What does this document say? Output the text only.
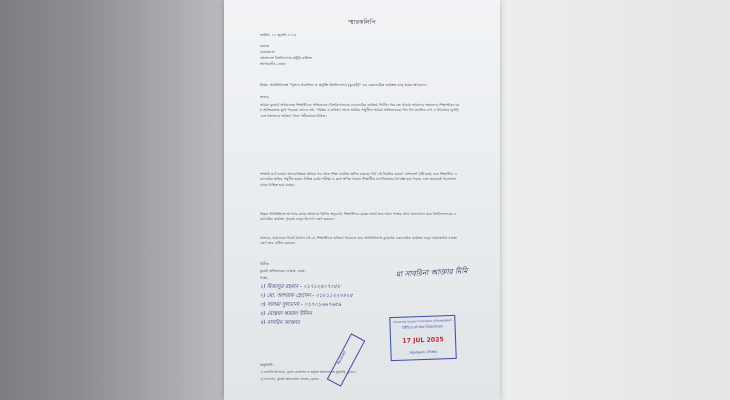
স্মারকলিপি
তারিখ: ১৭ জুলাই ২০২৫
বরাবর
চেয়ারম্যান
বাংলাদেশ বিশ্ববিদ্যালয় মঞ্জুরি কমিশন
আগারগাঁও, ঢাকা।
বিষয়: অনতিবিলম্বে "খুলনা প্রকৌশল ও প্রযুক্তি বিশ্ববিদ্যালয় (কুয়েট)" এর একাডেমিক কার্যক্রম চালু করার আবেদন।
জনাব,
আমরা কুয়েটে অধ্যয়নরত শিক্ষার্থীদের অভিভাবক। বিশ্ববিদ্যালয়ের একাডেমিক কার্যক্রম দীর্ঘদিন ধরে বন্ধ থাকায় আমাদের সন্তানদের শিক্ষাজীবন চরম অনিশ্চয়তার মুখে পড়েছে। তাদের স্বপ্ন, পরিশ্রম ও ভবিষ্যৎ আজ হুমকির সম্মুখীন। আমরা অভিভাবকরা দিন দিন মানসিক চাপ ও উৎকণ্ঠায় ভুগছি এবং সন্তানদের ভবিষ্যৎ নিয়ে গভীরভাবে চিন্তিত।
সম্প্রতি ঘটে যাওয়া অনাকাঙ্ক্ষিত ঘটনার পর থেকে শিক্ষা কার্যক্রম স্থগিত রয়েছে। দীর্ঘ এই বিরতির কারণে সেশনজট সৃষ্টি হচ্ছে এবং শিক্ষার্থীরা একাডেমিক ক্ষতির সম্মুখীন হচ্ছে। বিভিন্ন বর্ষের পরীক্ষা ও ক্লাস স্থগিত থাকায় শিক্ষার্থীরা মানসিকভাবে বিপর্যস্ত হয়ে পড়ছে এবং অনেকেই পড়াশোনা থেকে বিচ্ছিন্ন হয়ে যাচ্ছে।
উদ্ভূত পরিস্থিতিতে আপনার কাছে আমাদের বিনীত অনুরোধ, শিক্ষার্থীদের বৃহত্তর স্বার্থে দ্রুত সকল পক্ষের সাথে আলোচনা করে বিশ্ববিদ্যালয়ের একাডেমিক কার্যক্রম পুনরায় চালুর উদ্যোগ গ্রহণ করবেন।
অতএব, মহোদয়ের নিকট প্রার্থনা এই যে, শিক্ষার্থীদের ভবিষ্যৎ বিবেচনা করে অনতিবিলম্বে কুয়েটের একাডেমিক কার্যক্রম চালুর প্রয়োজনীয় ব্যবস্থা গ্রহণ করে বাধিত করবেন।
বিনীত
কুয়েট অভিভাবক ফোরাম, ঢাকা।
পক্ষে,
১) মিজানুর রহমান - ০১৭১২৪০৭০৫৮
২) মো. আশরাফ হোসেন - ০১৮১১২২৩৪২৫
৩) সালমা সুলতানা - ০১৭০১৬৬৭৬৫৯
৪) মোস্তফা কামাল উদ্দিন
৫) নাসরিন আক্তার
মা সাবরিনা আক্তার মিমি
University Grants Commission of Bangladesh
Office of the Chairman
17 JUL 2025
Agargaon, Dhaka
Received
অনুলিপি:
১) মাননীয় উপাচার্য, খুলনা প্রকৌশল ও প্রযুক্তি বিশ্ববিদ্যালয় (কুয়েট), খুলনা।
২) সভাপতি, কুয়েট অভিভাবক ফোরাম, খুলনা।
